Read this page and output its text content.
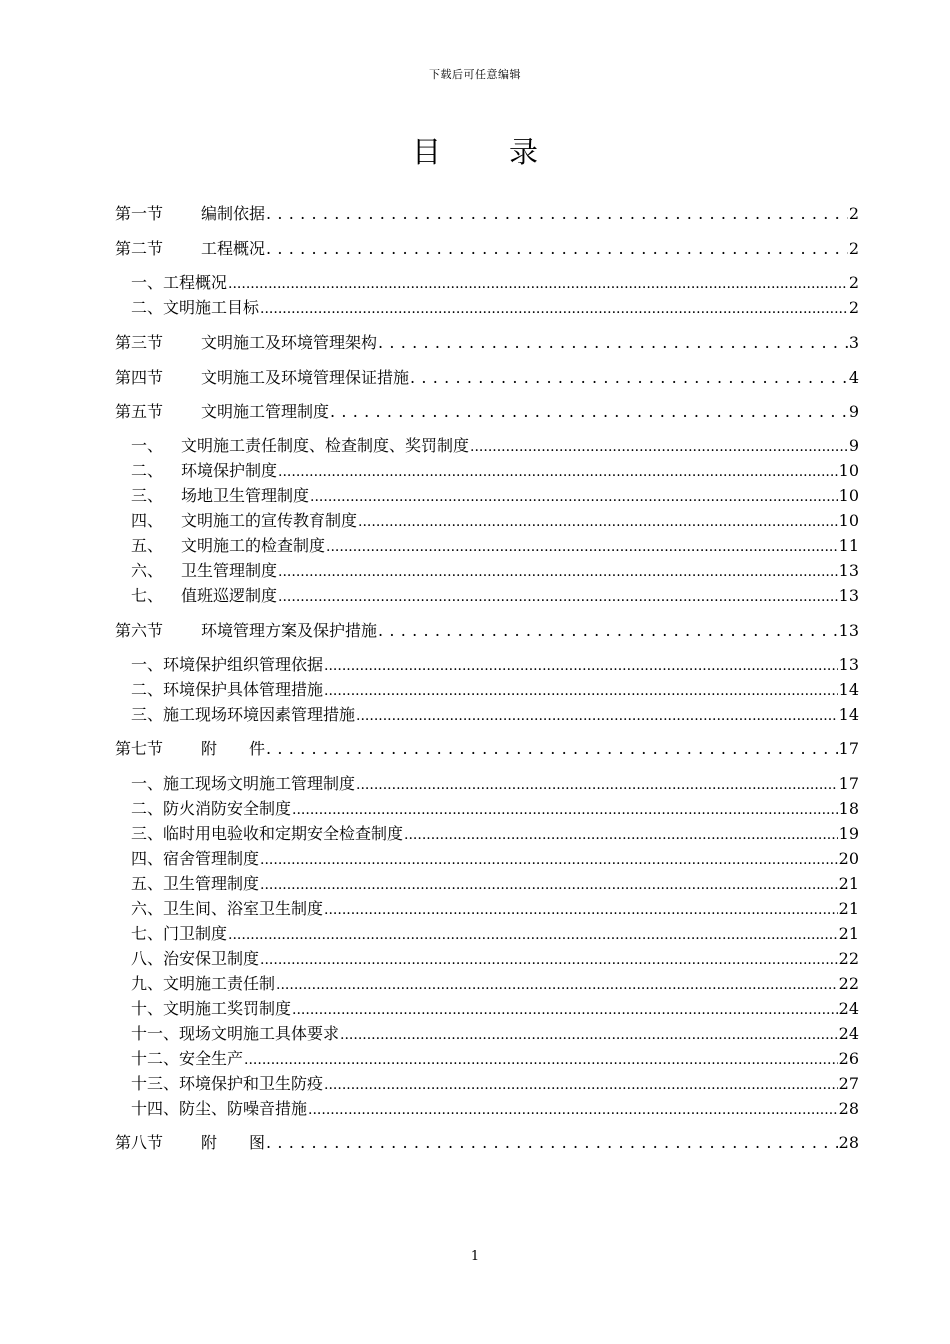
下载后可任意编辑
目 录
第一节	编制依据 . . .	2
第二节	工程概况 . . .	2
一、工程概况 .....	2
二、文明施工目标 .....	2
第三节	文明施工及环境管理架构 . . .	3
第四节	文明施工及环境管理保证措施 . . .	4
第五节	文明施工管理制度 . . .	9
一、	文明施工责任制度、检查制度、奖罚制度 .....	9
二、	环境保护制度 .....	10
三、	场地卫生管理制度 .....	10
四、	文明施工的宣传教育制度 .....	10
五、	文明施工的检查制度 .....	11
六、	卫生管理制度 .....	13
七、	值班巡逻制度 .....	13
第六节	环境管理方案及保护措施 . . .	13
一、环境保护组织管理依据 .....	13
二、环境保护具体管理措施 .....	14
三、施工现场环境因素管理措施 .....	14
第七节	附　　件 . . .	17
一、施工现场文明施工管理制度 .....	17
二、防火消防安全制度 .....	18
三、临时用电验收和定期安全检查制度 .....	19
四、宿舍管理制度 .....	20
五、卫生管理制度 .....	21
六、卫生间、浴室卫生制度 .....	21
七、门卫制度 .....	21
八、治安保卫制度 .....	22
九、文明施工责任制 .....	22
十、文明施工奖罚制度 .....	24
十一、现场文明施工具体要求 .....	24
十二、安全生产 .....	26
十三、环境保护和卫生防疫 .....	27
十四、防尘、防噪音措施 .....	28
第八节	附　　图 . . .	28
1
